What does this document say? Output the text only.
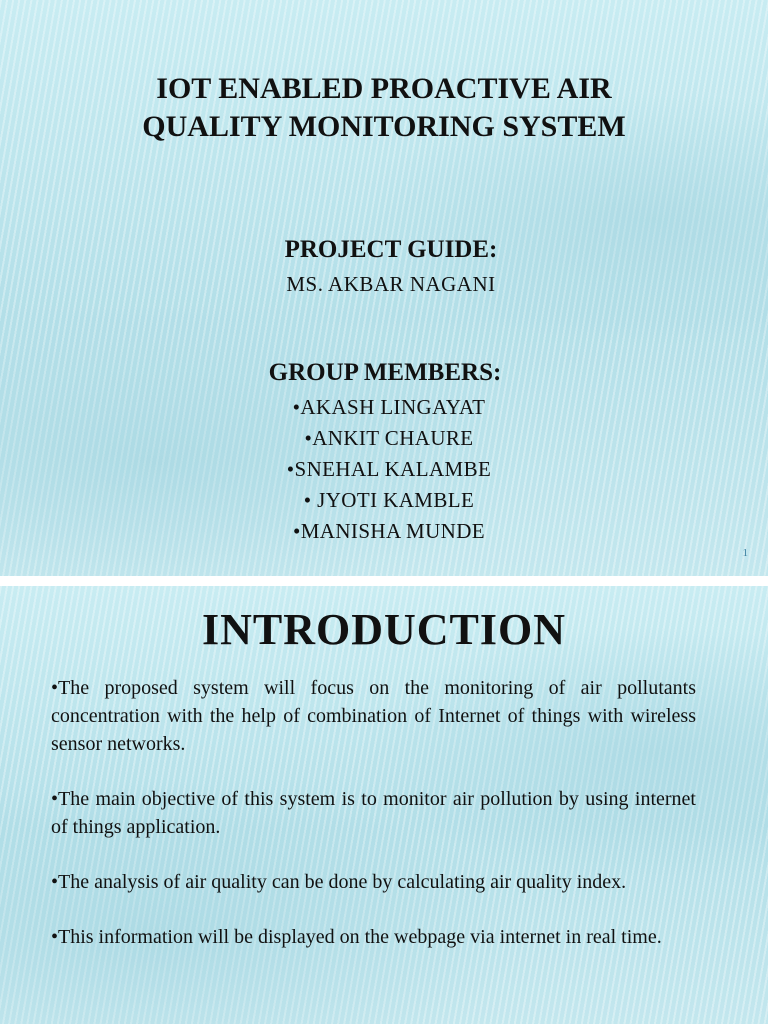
IOT ENABLED PROACTIVE AIR
QUALITY MONITORING SYSTEM
PROJECT GUIDE:
MS. AKBAR NAGANI
GROUP MEMBERS:
•AKASH LINGAYAT
•ANKIT CHAURE
•SNEHAL KALAMBE
• JYOTI KAMBLE
•MANISHA MUNDE
1
INTRODUCTION
•The proposed system will focus on the monitoring of air pollutants concentration with the help of combination of Internet of things with wireless sensor networks.
•The main objective of this system is to monitor air pollution by using internet of things application.
•The analysis of air quality can be done by calculating air quality index.
•This information will be displayed on the webpage via internet in real time.
